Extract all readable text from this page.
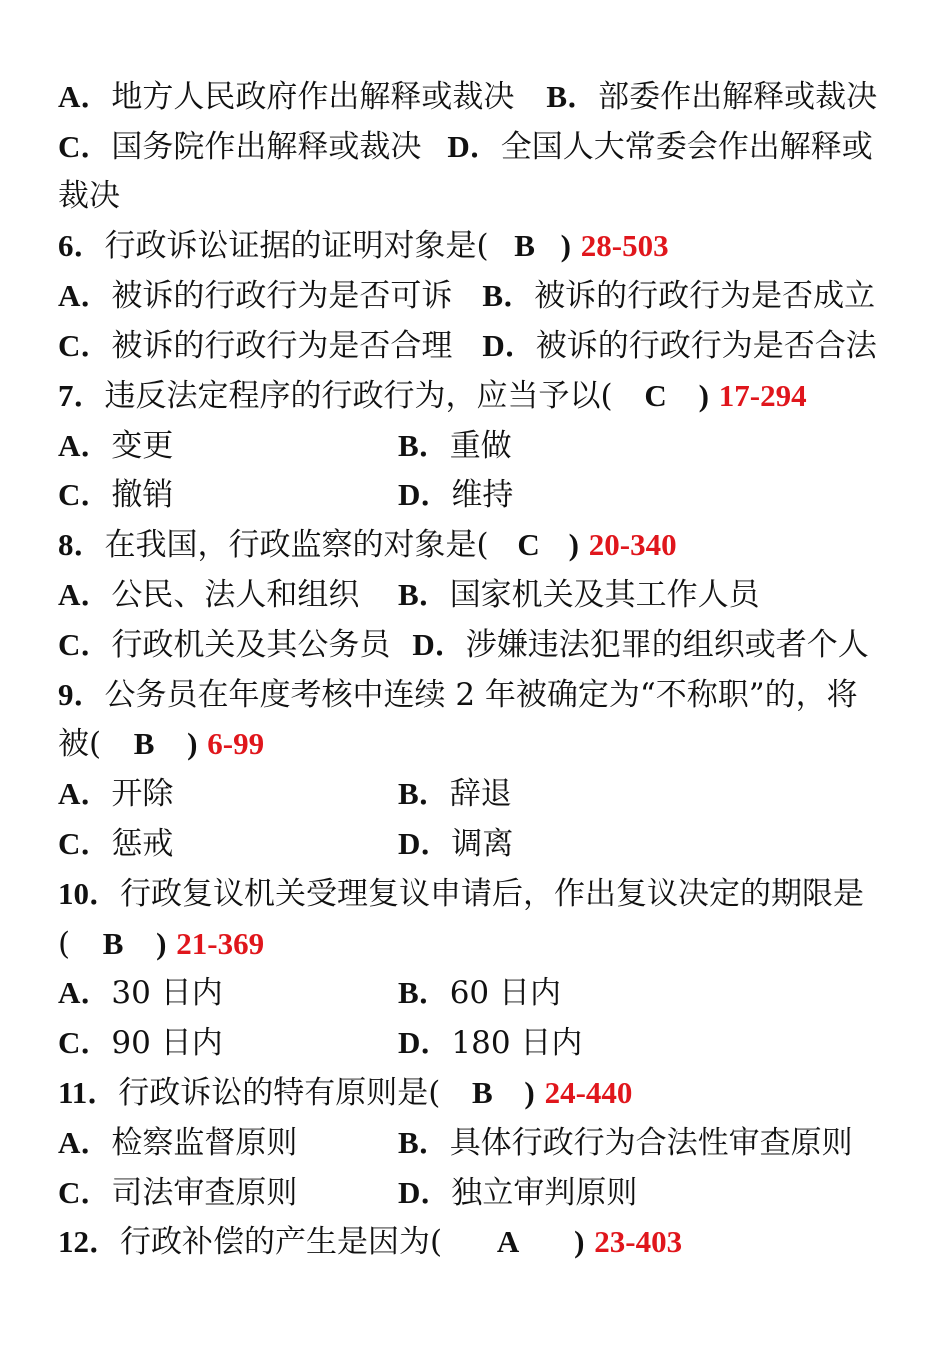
A．地方人民政府作出解释或裁决 B．部委作出解释或裁决
C．国务院作出解释或裁决 D．全国人大常委会作出解释或
裁决
6．行政诉讼证据的证明对象是( B ) 28-503
A．被诉的行政行为是否可诉 B．被诉的行政行为是否成立
C．被诉的行政行为是否合理 D．被诉的行政行为是否合法
7．违反法定程序的行政行为，应当予以( C ) 17-294
A．变更	B．重做
C．撤销	D．维持
8．在我国，行政监察的对象是( C ) 20-340
A．公民、法人和组织 B．国家机关及其工作人员
C．行政机关及其公务员 D．涉嫌违法犯罪的组织或者个人
9．公务员在年度考核中连续 2 年被确定为“不称职”的，将
被( B ) 6-99
A．开除	B．辞退
C．惩戒	D．调离
10．行政复议机关受理复议申请后，作出复议决定的期限是
( B ) 21-369
A．30 日内	B．60 日内
C．90 日内	D．180 日内
11．行政诉讼的特有原则是( B ) 24-440
A．检察监督原则	B．具体行政行为合法性审查原则
C．司法审查原则	D．独立审判原则
12．行政补偿的产生是因为( A ) 23-403
